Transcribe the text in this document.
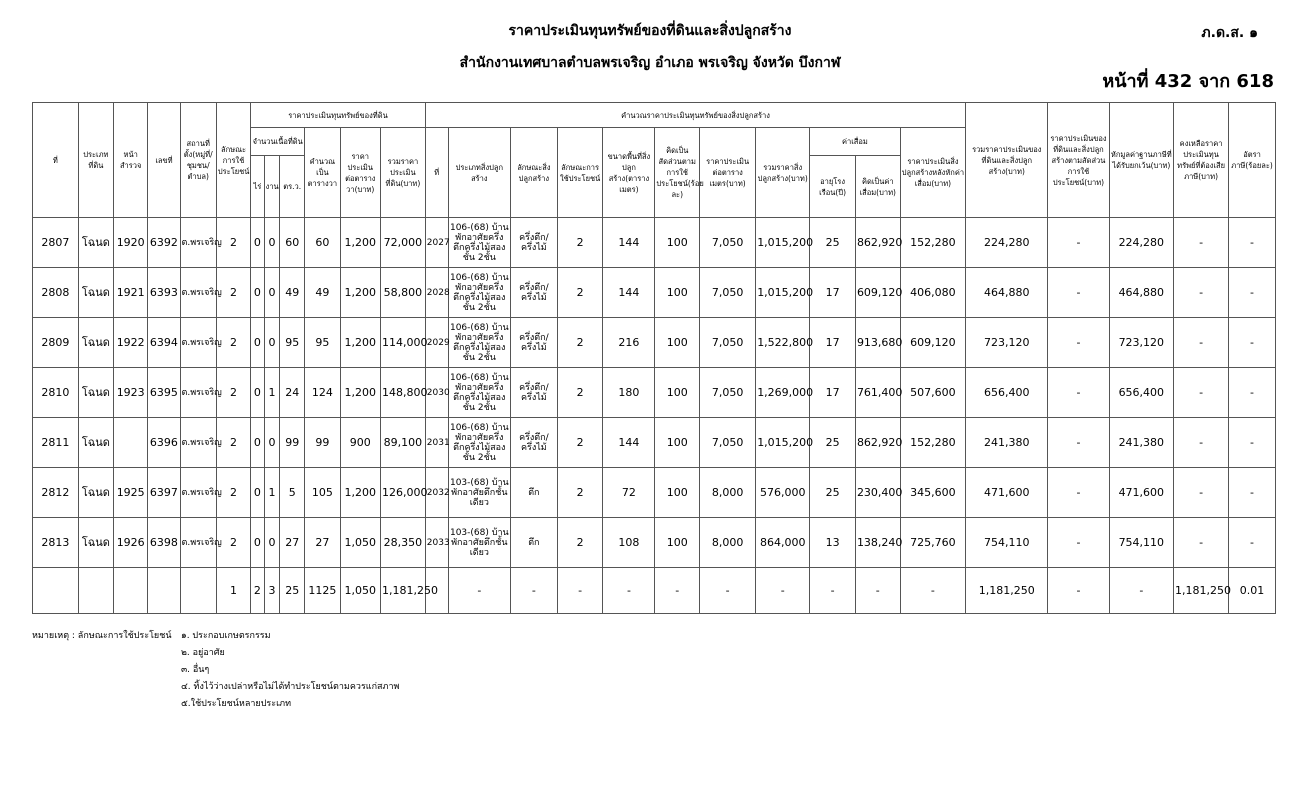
ราคาประเมินทุนทรัพย์ของที่ดินและสิ่งปลูกสร้าง
สำนักงานเทศบาลตำบลพรเจริญ อำเภอ พรเจริญ จังหวัด บึงกาฬ
ภ.ด.ส. ๑
หน้าที่ 432 จาก 618
ที่	ประเภทที่ดิน	หน้าสำรวจ	เลขที่	สถานที่ตั้ง(หมู่ที่/ชุมชน/ตำบล)	ลักษณะการใช้ประโยชน์	ราคาประเมินทุนทรัพย์ของที่ดิน						คำนวณราคาประเมินทุนทรัพย์ของสิ่งปลูกสร้าง											รวมราคาประเมินของที่ดินและสิ่งปลูกสร้าง(บาท)	ราคาประเมินของที่ดินและสิ่งปลูกสร้างตามสัดส่วนการใช้ประโยชน์(บาท)	หักมูลค่าฐานภาษีที่ได้รับยกเว้น(บาท)	คงเหลือราคาประเมินทุนทรัพย์ที่ต้องเสียภาษี(บาท)	อัตราภาษี(ร้อยละ)
						จำนวนเนื้อที่ดิน			คำนวณเป็นตารางวา	ราคาประเมินต่อตารางวา(บาท)	รวมราคาประเมินที่ดิน(บาท)	ที่	ประเภทสิ่งปลูกสร้าง	ลักษณะสิ่งปลูกสร้าง	ลักษณะการใช้ประโยชน์	ขนาดพื้นที่สิ่งปลูกสร้าง(ตารางเมตร)	คิดเป็นสัดส่วนตามการใช้ประโยชน์(ร้อยละ)	ราคาประเมินต่อตารางเมตร(บาท)	รวมราคาสิ่งปลูกสร้าง(บาท)	ค่าเสื่อม		ราคาประเมินสิ่งปลูกสร้างหลังหักค่าเสื่อม(บาท)					
						ไร่	งาน	ตร.ว.												อายุโรงเรือน(ปี)	คิดเป็นค่าเสื่อม(บาท)						
2807	โฉนด	1920	6392	ต.พรเจริญ	2	0	0	60	60	1,200	72,000	2027	106-(68) บ้านพักอาศัยครึ่งตึกครึ่งไม้สองชั้น 2ชั้น	ครึ่งตึก/ครึ่งไม้	2	144	100	7,050	1,015,200	25	862,920	152,280	224,280	-	224,280	-	-
2808	โฉนด	1921	6393	ต.พรเจริญ	2	0	0	49	49	1,200	58,800	2028	106-(68) บ้านพักอาศัยครึ่งตึกครึ่งไม้สองชั้น 2ชั้น	ครึ่งตึก/ครึ่งไม้	2	144	100	7,050	1,015,200	17	609,120	406,080	464,880	-	464,880	-	-
2809	โฉนด	1922	6394	ต.พรเจริญ	2	0	0	95	95	1,200	114,000	2029	106-(68) บ้านพักอาศัยครึ่งตึกครึ่งไม้สองชั้น 2ชั้น	ครึ่งตึก/ครึ่งไม้	2	216	100	7,050	1,522,800	17	913,680	609,120	723,120	-	723,120	-	-
2810	โฉนด	1923	6395	ต.พรเจริญ	2	0	1	24	124	1,200	148,800	2030	106-(68) บ้านพักอาศัยครึ่งตึกครึ่งไม้สองชั้น 2ชั้น	ครึ่งตึก/ครึ่งไม้	2	180	100	7,050	1,269,000	17	761,400	507,600	656,400	-	656,400	-	-
2811	โฉนด		6396	ต.พรเจริญ	2	0	0	99	99	900	89,100	2031	106-(68) บ้านพักอาศัยครึ่งตึกครึ่งไม้สองชั้น 2ชั้น	ครึ่งตึก/ครึ่งไม้	2	144	100	7,050	1,015,200	25	862,920	152,280	241,380	-	241,380	-	-
2812	โฉนด	1925	6397	ต.พรเจริญ	2	0	1	5	105	1,200	126,000	2032	103-(68) บ้านพักอาศัยตึกชั้นเดียว	ตึก	2	72	100	8,000	576,000	25	230,400	345,600	471,600	-	471,600	-	-
2813	โฉนด	1926	6398	ต.พรเจริญ	2	0	0	27	27	1,050	28,350	2033	103-(68) บ้านพักอาศัยตึกชั้นเดียว	ตึก	2	108	100	8,000	864,000	13	138,240	725,760	754,110	-	754,110	-	-
					1	2	3	25	1125	1,050	1,181,250		-	-	-	-	-	-	-	-	-	-	1,181,250	-	-	1,181,250	0.01
หมายเหตุ : ลักษณะการใช้ประโยชน์ ๑. ประกอบเกษตรกรรม
๒. อยู่อาศัย
๓. อื่นๆ
๔. ทิ้งไว้ว่างเปล่าหรือไม่ได้ทำประโยชน์ตามควรแก่สภาพ
๕.ใช้ประโยชน์หลายประเภท
